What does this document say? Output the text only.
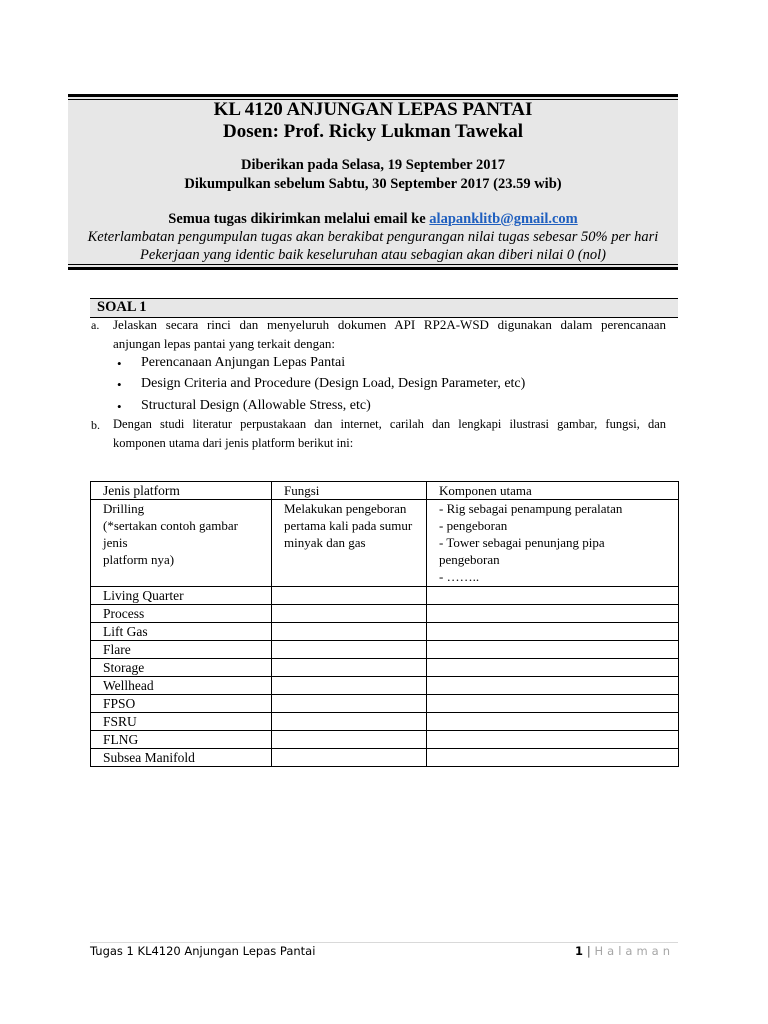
KL 4120 ANJUNGAN LEPAS PANTAI
Dosen: Prof. Ricky Lukman Tawekal
Diberikan pada Selasa, 19 September 2017
Dikumpulkan sebelum Sabtu, 30 September 2017 (23.59 wib)
Semua tugas dikirimkan melalui email ke alapanklitb@gmail.com
Keterlambatan pengumpulan tugas akan berakibat pengurangan nilai tugas sebesar 50% per hari
Pekerjaan yang identic baik keseluruhan atau sebagian akan diberi nilai 0 (nol)
SOAL 1
a. Jelaskan secara rinci dan menyeluruh dokumen API RP2A-WSD digunakan dalam perencanaan
anjungan lepas pantai yang terkait dengan:
• Perencanaan Anjungan Lepas Pantai
• Design Criteria and Procedure (Design Load, Design Parameter, etc)
• Structural Design (Allowable Stress, etc)
b. Dengan studi literatur perpustakaan dan internet, carilah dan lengkapi ilustrasi gambar, fungsi, dan
komponen utama dari jenis platform berikut ini:
Jenis platform	Fungsi	Komponen utama
Drilling
(*sertakan contoh gambar
jenis
platform nya)	Melakukan pengeboran
pertama kali pada sumur
minyak dan gas	- Rig sebagai penampung peralatan
- pengeboran
- Tower sebagai penunjang pipa
pengeboran
- ……..
Living Quarter		
Process		
Lift Gas		
Flare		
Storage		
Wellhead		
FPSO		
FSRU		
FLNG		
Subsea Manifold		
Tugas 1 KL4120 Anjungan Lepas Pantai	1 | Halaman
